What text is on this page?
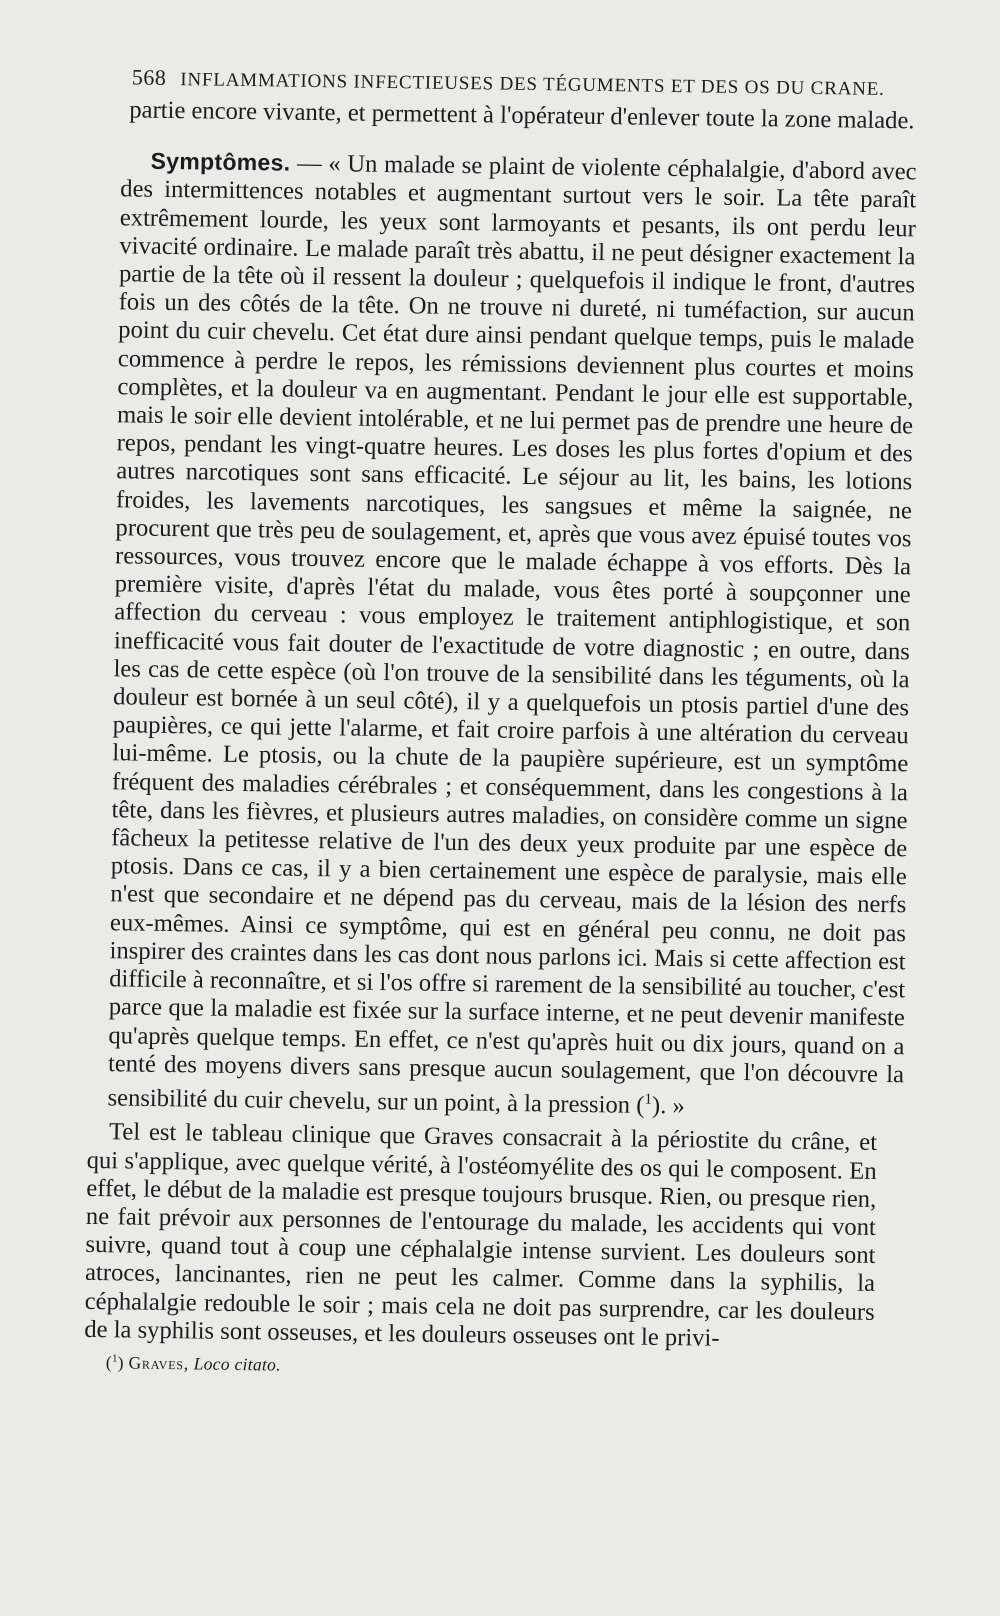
568 INFLAMMATIONS INFECTIEUSES DES TÉGUMENTS ET DES OS DU CRANE.

partie encore vivante, et permettent à l'opérateur d'enlever toute la zone malade.

Symptômes. — « Un malade se plaint de violente céphalalgie, d'abord avec des intermittences notables et augmentant surtout vers le soir. La tête paraît extrêmement lourde, les yeux sont larmoyants et pesants, ils ont perdu leur vivacité ordinaire. Le malade paraît très abattu, il ne peut désigner exactement la partie de la tête où il ressent la douleur ; quelquefois il indique le front, d'autres fois un des côtés de la tête. On ne trouve ni dureté, ni tuméfaction, sur aucun point du cuir chevelu. Cet état dure ainsi pendant quelque temps, puis le malade commence à perdre le repos, les rémissions deviennent plus courtes et moins complètes, et la douleur va en augmentant. Pendant le jour elle est supportable, mais le soir elle devient intolérable, et ne lui permet pas de prendre une heure de repos, pendant les vingt-quatre heures. Les doses les plus fortes d'opium et des autres narcotiques sont sans efficacité. Le séjour au lit, les bains, les lotions froides, les lavements narcotiques, les sangsues et même la saignée, ne procurent que très peu de soulagement, et, après que vous avez épuisé toutes vos ressources, vous trouvez encore que le malade échappe à vos efforts. Dès la première visite, d'après l'état du malade, vous êtes porté à soupçonner une affection du cerveau : vous employez le traitement antiphlogistique, et son inefficacité vous fait douter de l'exactitude de votre diagnostic ; en outre, dans les cas de cette espèce (où l'on trouve de la sensibilité dans les téguments, où la douleur est bornée à un seul côté), il y a quelquefois un ptosis partiel d'une des paupières, ce qui jette l'alarme, et fait croire parfois à une altération du cerveau lui-même. Le ptosis, ou la chute de la paupière supérieure, est un symptôme fréquent des maladies cérébrales ; et conséquemment, dans les congestions à la tête, dans les fièvres, et plusieurs autres maladies, on considère comme un signe fâcheux la petitesse relative de l'un des deux yeux produite par une espèce de ptosis. Dans ce cas, il y a bien certainement une espèce de paralysie, mais elle n'est que secondaire et ne dépend pas du cerveau, mais de la lésion des nerfs eux-mêmes. Ainsi ce symptôme, qui est en général peu connu, ne doit pas inspirer des craintes dans les cas dont nous parlons ici. Mais si cette affection est difficile à reconnaître, et si l'os offre si rarement de la sensibilité au toucher, c'est parce que la maladie est fixée sur la surface interne, et ne peut devenir manifeste qu'après quelque temps. En effet, ce n'est qu'après huit ou dix jours, quand on a tenté des moyens divers sans presque aucun soulagement, que l'on découvre la sensibilité du cuir chevelu, sur un point, à la pression ($^1$). »

Tel est le tableau clinique que Graves consacrait à la périostite du crâne, et qui s'applique, avec quelque vérité, à l'ostéomyélite des os qui le composent. En effet, le début de la maladie est presque toujours brusque. Rien, ou presque rien, ne fait prévoir aux personnes de l'entourage du malade, les accidents qui vont suivre, quand tout à coup une céphalalgie intense survient. Les douleurs sont atroces, lancinantes, rien ne peut les calmer. Comme dans la syphilis, la céphalalgie redouble le soir ; mais cela ne doit pas surprendre, car les douleurs de la syphilis sont osseuses, et les douleurs osseuses ont le privi-

($^1$) Graves, Loco citato.
